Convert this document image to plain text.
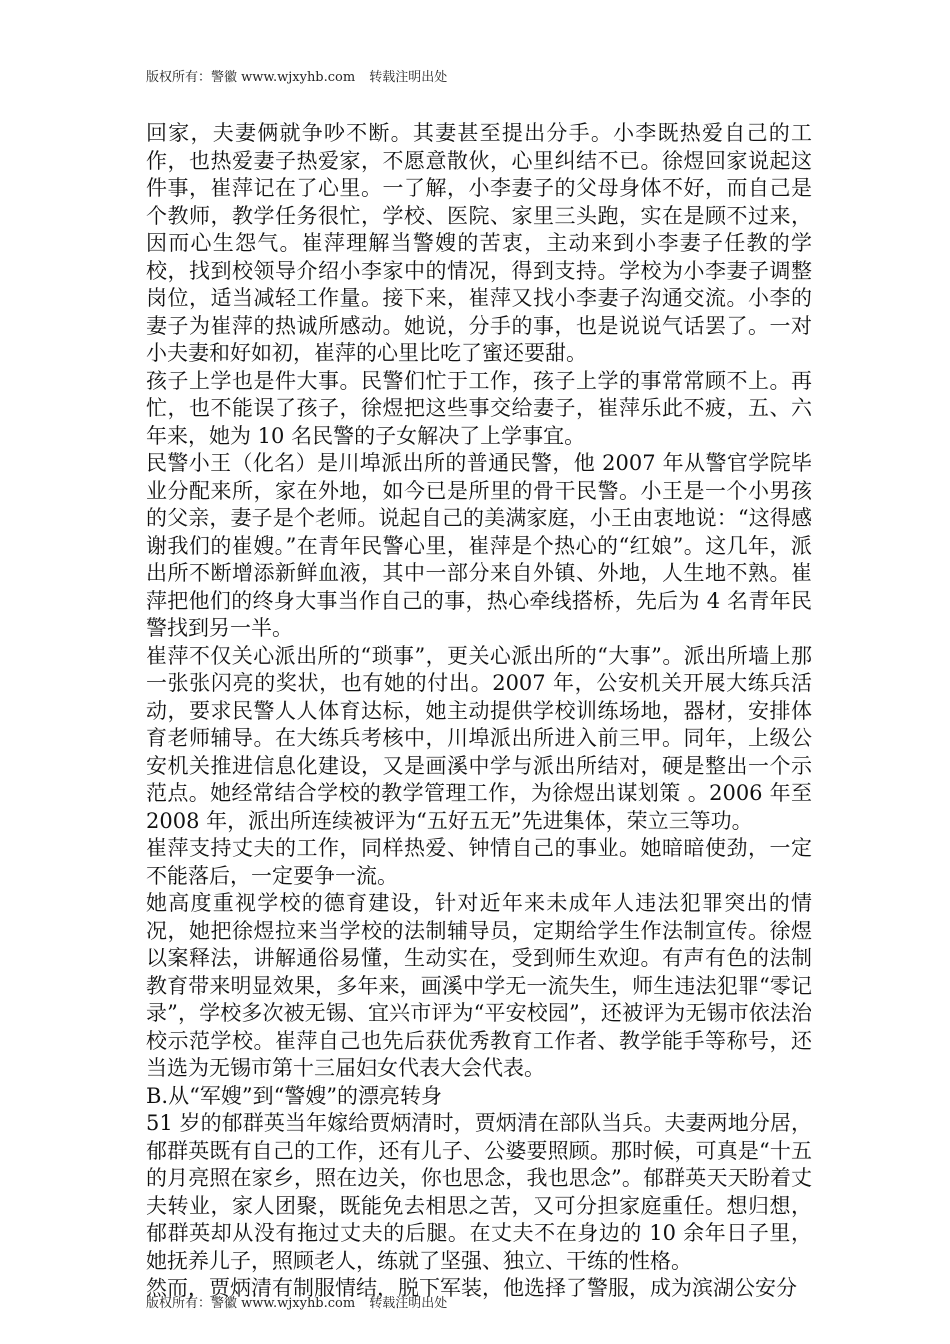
版权所有：警徽 www.wjxyhb.com 转载注明出处

回家，夫妻俩就争吵不断。其妻甚至提出分手。小李既热爱自己的工作，也热爱妻子热爱家，不愿意散伙，心里纠结不已。徐煜回家说起这件事，崔萍记在了心里。一了解，小李妻子的父母身体不好，而自己是个教师，教学任务很忙，学校、医院、家里三头跑，实在是顾不过来，因而心生怨气。崔萍理解当警嫂的苦衷，主动来到小李妻子任教的学校，找到校领导介绍小李家中的情况，得到支持。学校为小李妻子调整岗位，适当减轻工作量。接下来，崔萍又找小李妻子沟通交流。小李的妻子为崔萍的热诚所感动。她说，分手的事，也是说说气话罢了。一对小夫妻和好如初，崔萍的心里比吃了蜜还要甜。

孩子上学也是件大事。民警们忙于工作，孩子上学的事常常顾不上。再忙，也不能误了孩子，徐煜把这些事交给妻子，崔萍乐此不疲，五、六年来，她为 10 名民警的子女解决了上学事宜。

民警小王（化名）是川埠派出所的普通民警，他 2007 年从警官学院毕业分配来所，家在外地，如今已是所里的骨干民警。小王是一个小男孩的父亲，妻子是个老师。说起自己的美满家庭，小王由衷地说：“这得感谢我们的崔嫂。”在青年民警心里，崔萍是个热心的“红娘”。这几年，派出所不断增添新鲜血液，其中一部分来自外镇、外地，人生地不熟。崔萍把他们的终身大事当作自己的事，热心牵线搭桥，先后为 4 名青年民警找到另一半。

崔萍不仅关心派出所的“琐事”，更关心派出所的“大事”。派出所墙上那一张张闪亮的奖状，也有她的付出。2007 年，公安机关开展大练兵活动，要求民警人人体育达标，她主动提供学校训练场地，器材，安排体育老师辅导。在大练兵考核中，川埠派出所进入前三甲。同年，上级公安机关推进信息化建设，又是画溪中学与派出所结对，硬是整出一个示范点。她经常结合学校的教学管理工作，为徐煜出谋划策 。2006 年至 2008 年，派出所连续被评为“五好五无”先进集体，荣立三等功。

崔萍支持丈夫的工作，同样热爱、钟情自己的事业。她暗暗使劲，一定不能落后，一定要争一流。

她高度重视学校的德育建设，针对近年来未成年人违法犯罪突出的情况，她把徐煜拉来当学校的法制辅导员，定期给学生作法制宣传。徐煜以案释法，讲解通俗易懂，生动实在，受到师生欢迎。有声有色的法制教育带来明显效果，多年来，画溪中学无一流失生，师生违法犯罪“零记录”，学校多次被无锡、宜兴市评为“平安校园”，还被评为无锡市依法治校示范学校。崔萍自己也先后获优秀教育工作者、教学能手等称号，还当选为无锡市第十三届妇女代表大会代表。

B.从“军嫂”到“警嫂”的漂亮转身

51 岁的郁群英当年嫁给贾炳清时，贾炳清在部队当兵。夫妻两地分居，郁群英既有自己的工作，还有儿子、公婆要照顾。那时候，可真是“十五的月亮照在家乡，照在边关，你也思念，我也思念”。郁群英天天盼着丈夫转业，家人团聚，既能免去相思之苦，又可分担家庭重任。想归想，郁群英却从没有拖过丈夫的后腿。在丈夫不在身边的 10 余年日子里，她抚养儿子，照顾老人，练就了坚强、独立、干练的性格。

然而，贾炳清有制服情结，脱下军装，他选择了警服，成为滨湖公安分

版权所有：警徽 www.wjxyhb.com 转载注明出处
